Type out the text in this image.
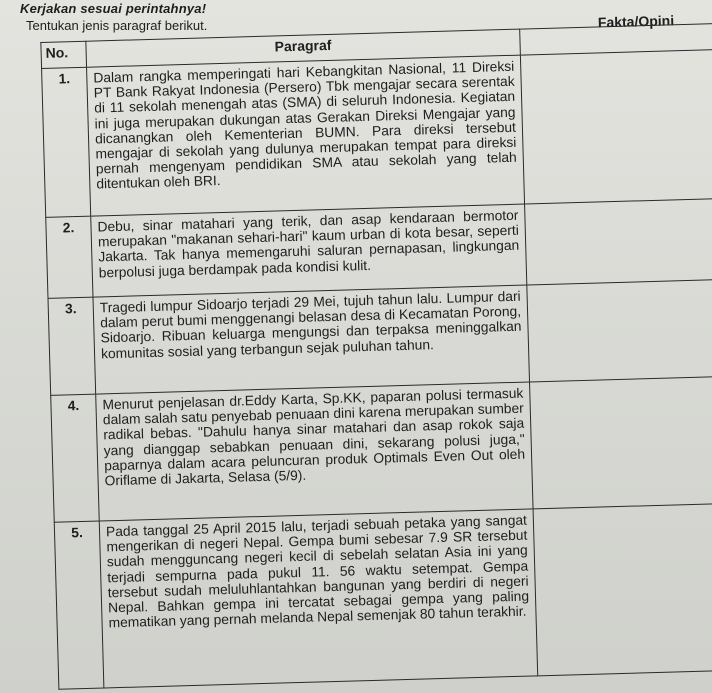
Kerjakan sesuai perintahnya!
Tentukan jenis paragraf berikut.	Fakta/Opini
No.	Paragraf	
1.	Dalam rangka memperingati hari Kebangkitan Nasional, 11 Direksi PT Bank Rakyat Indonesia (Persero) Tbk mengajar secara serentak di 11 sekolah menengah atas (SMA) di seluruh Indonesia. Kegiatan ini juga merupakan dukungan atas Gerakan Direksi Mengajar yang dicanangkan oleh Kementerian BUMN. Para direksi tersebut mengajar di sekolah yang dulunya merupakan tempat para direksi pernah mengenyam pendidikan SMA atau sekolah yang telah ditentukan oleh BRI.	
2.	Debu, sinar matahari yang terik, dan asap kendaraan bermotor merupakan "makanan sehari-hari" kaum urban di kota besar, seperti Jakarta. Tak hanya memengaruhi saluran pernapasan, lingkungan berpolusi juga berdampak pada kondisi kulit.	
3.	Tragedi lumpur Sidoarjo terjadi 29 Mei, tujuh tahun lalu. Lumpur dari dalam perut bumi menggenangi belasan desa di Kecamatan Porong, Sidoarjo. Ribuan keluarga mengungsi dan terpaksa meninggalkan komunitas sosial yang terbangun sejak puluhan tahun.	
4.	Menurut penjelasan dr.Eddy Karta, Sp.KK, paparan polusi termasuk dalam salah satu penyebab penuaan dini karena merupakan sumber radikal bebas. "Dahulu hanya sinar matahari dan asap rokok saja yang dianggap sebabkan penuaan dini, sekarang polusi juga," paparnya dalam acara peluncuran produk Optimals Even Out oleh Oriflame di Jakarta, Selasa (5/9).	
5.	Pada tanggal 25 April 2015 lalu, terjadi sebuah petaka yang sangat mengerikan di negeri Nepal. Gempa bumi sebesar 7.9 SR tersebut sudah mengguncang negeri kecil di sebelah selatan Asia ini yang terjadi sempurna pada pukul 11. 56 waktu setempat. Gempa tersebut sudah meluluhlantahkan bangunan yang berdiri di negeri Nepal. Bahkan gempa ini tercatat sebagai gempa yang paling mematikan yang pernah melanda Nepal semenjak 80 tahun terakhir.	
